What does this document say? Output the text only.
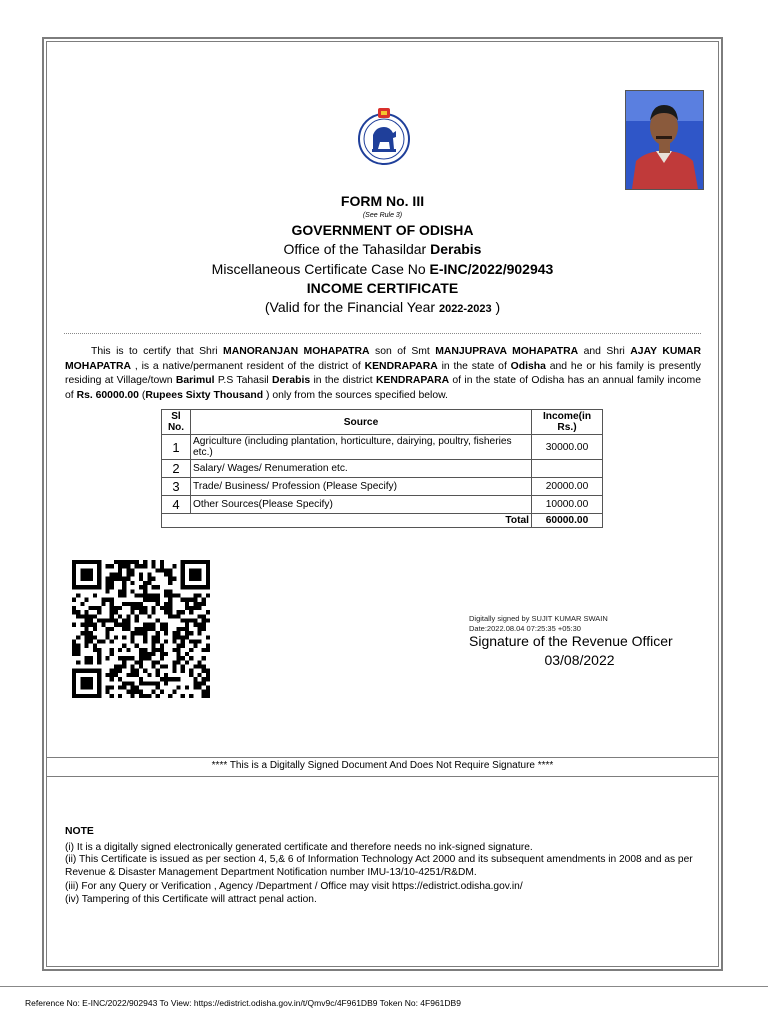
FORM No. III
(See Rule 3)
GOVERNMENT OF ODISHA
Office of the Tahasildar Derabis
Miscellaneous Certificate Case No E-INC/2022/902943
INCOME CERTIFICATE
(Valid for the Financial Year 2022-2023 )
This is to certify that Shri MANORANJAN MOHAPATRA son of Smt MANJUPRAVA MOHAPATRA and Shri AJAY KUMAR MOHAPATRA , is a native/permanent resident of the district of KENDRAPARA in the state of Odisha and he or his family is presently residing at Village/town Barimul P.S Tahasil Derabis in the district KENDRAPARA of in the state of Odisha has an annual family income of Rs. 60000.00 (Rupees Sixty Thousand ) only from the sources specified below.
Sl No.	Source	Income(in Rs.)
1	Agriculture (including plantation, horticulture, dairying, poultry, fisheries etc.)	30000.00
2	Salary/ Wages/ Renumeration etc.	
3	Trade/ Business/ Profession (Please Specify)	20000.00
4	Other Sources(Please Specify)	10000.00
Total		60000.00
Digitally signed by SUJIT KUMAR SWAIN
Date:2022.08.04 07:25:35 +05:30
Signature of the Revenue Officer
03/08/2022
**** This is a Digitally Signed Document And Does Not Require Signature ****
NOTE
(i) It is a digitally signed electronically generated certificate and therefore needs no ink-signed signature.
(ii) This Certificate is issued as per section 4, 5,& 6 of Information Technology Act 2000 and its subsequent amendments in 2008 and as per Revenue & Disaster Management Department Notification number IMU-13/10-4251/R&DM.
(iii) For any Query or Verification , Agency /Department / Office may visit https://edistrict.odisha.gov.in/
(iv) Tampering of this Certificate will attract penal action.
Reference No: E-INC/2022/902943 To View: https://edistrict.odisha.gov.in/t/Qmv9c/4F961DB9 Token No: 4F961DB9
